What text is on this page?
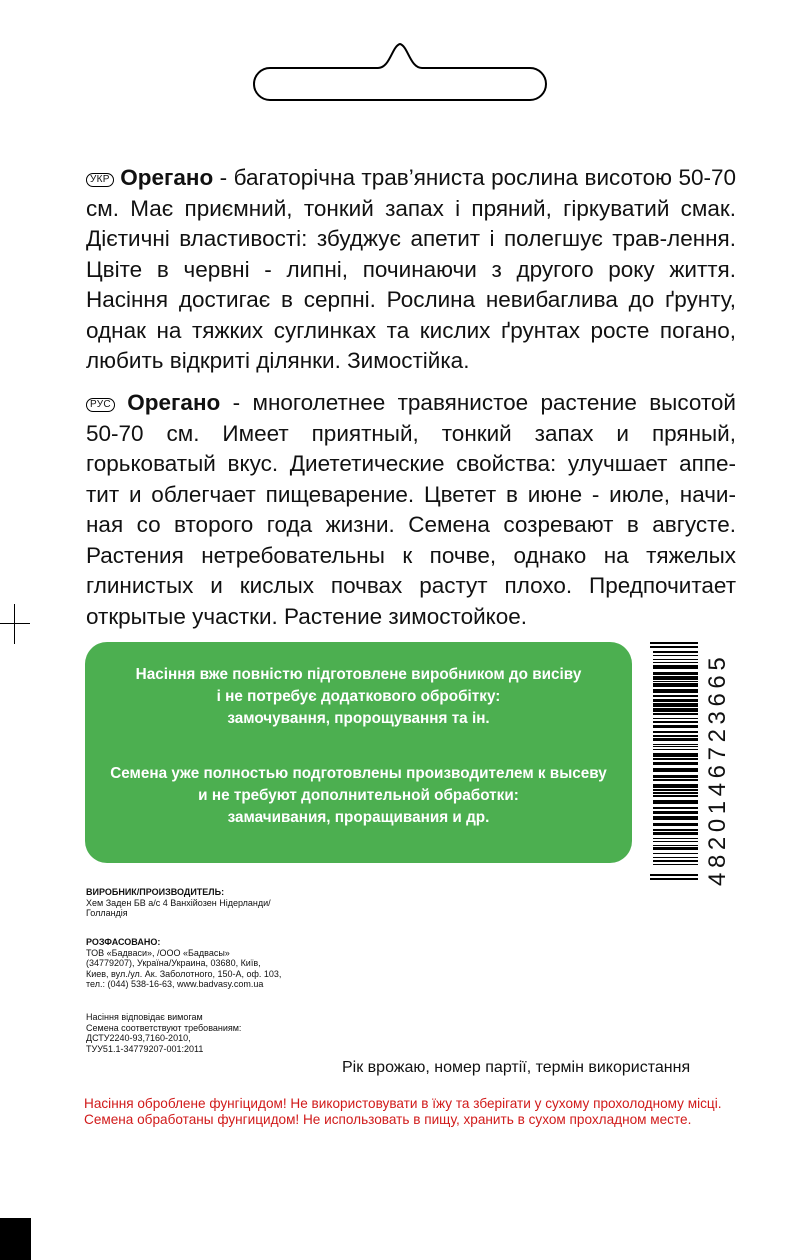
УКР Орегано - багаторічна трав’яниста рослина висотою 50-70 см. Має приємний, тонкий запах і пряний, гіркуватий смак. Дієтичні властивості: збуджує апетит і полегшує трав-лення. Цвіте в червні - липні, починаючи з другого року життя. Насіння достигає в серпні. Рослина невибаглива до ґрунту, однак на тяжких суглинках та кислих ґрунтах росте погано, любить відкриті ділянки. Зимостійка.

РУС Орегано - многолетнее травянистое растение высотой 50-70 см. Имеет приятный, тонкий запах и пряный, горьковатый вкус. Диететические свойства: улучшает аппе-тит и облегчает пищеварение. Цветет в июне - июле, начи-ная со второго года жизни. Семена созревают в августе. Растения нетребовательны к почве, однако на тяжелых глинистых и кислых почвах растут плохо. Предпочитает открытые участки. Растение зимостойкое.

Насіння вже повністю підготовлене виробником до висіву
і не потребує додаткового обробітку:
замочування, пророщування та ін.
Семена уже полностью подготовлены производителем к высеву
и не требуют дополнительной обработки:
замачивания, проращивания и др.	4820146723665
ВИРОБНИК/ПРОИЗВОДИТЕЛЬ:
Хем Заден БВ а/с 4 Ванхійозен Нідерланди/
Голландія
РОЗФАСОВАНО:
ТОВ «Бадваси», /ООО «Бадвасы»
(34779207), Україна/Украина, 03680, Київ,
Киев, вул./ул. Ак. Заболотного, 150-А, оф. 103,
тел.: (044) 538-16-63, www.badvasy.com.ua
Насіння відповідає вимогам
Семена соответствуют требованиям:
ДСТУ2240-93,7160-2010,
ТУУ51.1-34779207-001:2011
Рік врожаю, номер партії, термін використання
Насіння оброблене фунгіцидом! Не використовувати в їжу та зберігати у сухому прохолодному місці.
Семена обработаны фунгицидом! Не использовать в пищу, хранить в сухом прохладном месте.
